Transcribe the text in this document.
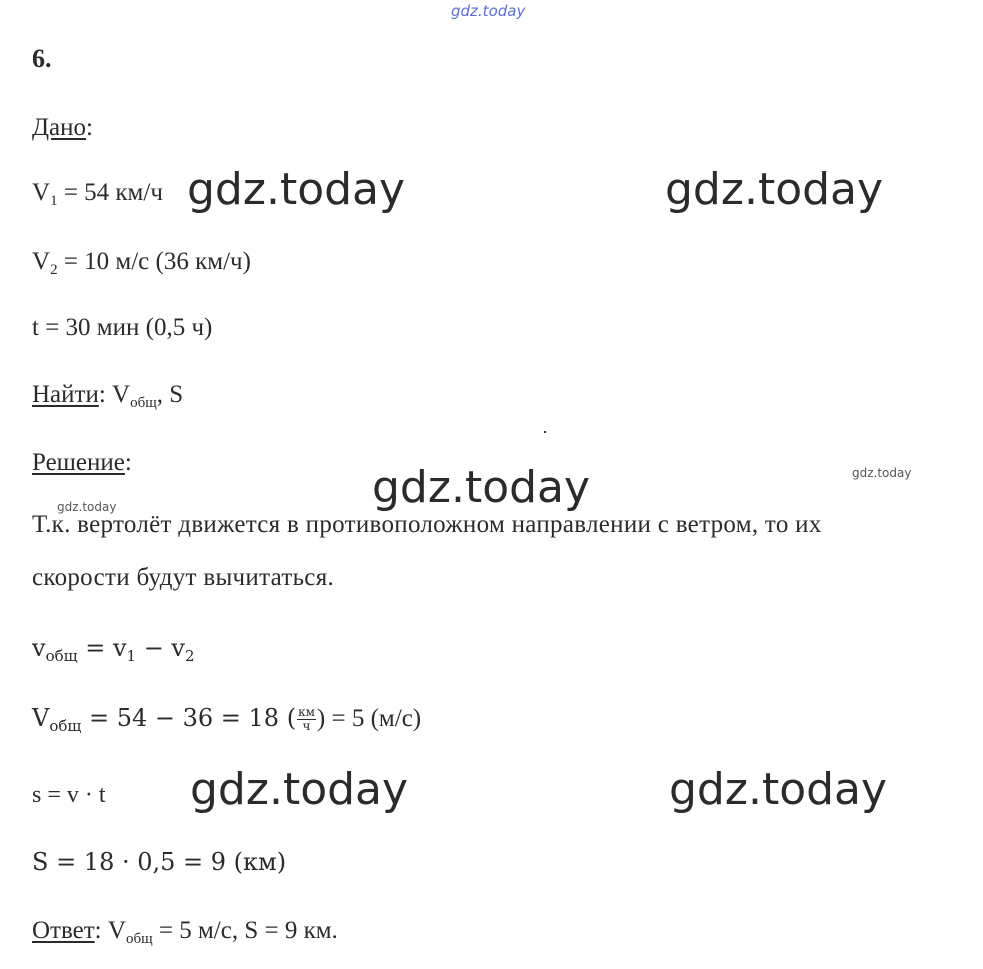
gdz.today
6.
Дано:
$V_1 = 54$ км/ч
$V_2 = 10$ м/с (36 км/ч)
t = 30 мин (0,5 ч)
Найти: $V_{общ}$, S
Решение:
Т.к. вертолёт движется в противоположном направлении с ветром, то их
скорости будут вычитаться.
$v_{общ} = v_1 - v_2$
$V_{общ} = 54 - 36 = 18$ ( $\frac{км}{ч}$ ) = 5 (м/с)
s = v · t
S = 18 · 0,5 = 9 (км)
Ответ: $V_{общ} = 5$ м/с, S = 9 км.
gdz.today	gdz.today
gdz.today
gdz.today	gdz.today
gdz.today
gdz.today
